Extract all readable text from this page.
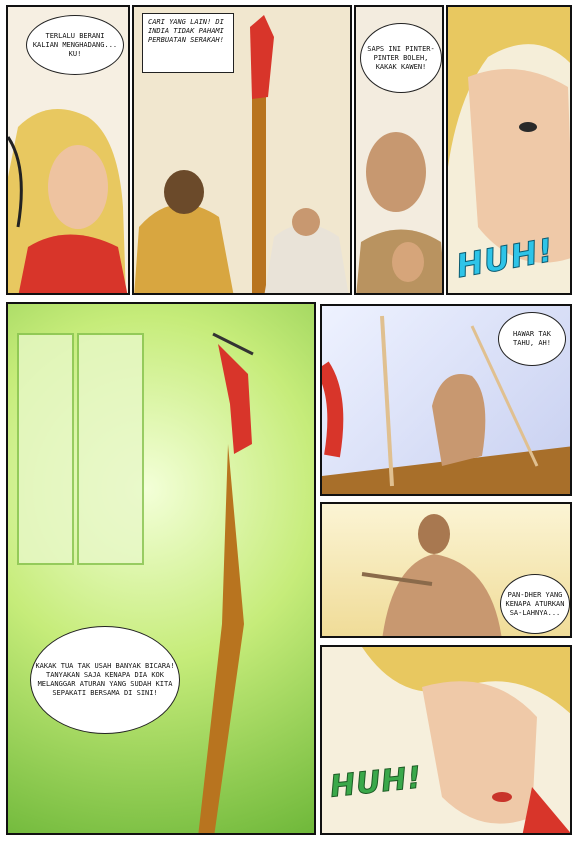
TERLALU BERANI KALIAN MENGHADANG... KU!
CARI YANG LAIN! DI INDIA TIDAK PAHAMI PERBUATAN SERAKAH!
SAPS INI PINTER-PINTER BOLEH, KAKAK KAWEN!
HUH!
KAKAK TUA TAK USAH BANYAK BICARA! TANYAKAN SAJA KENAPA DIA KOK MELANGGAR ATURAN YANG SUDAH KITA SEPAKATI BERSAMA DI SINI!
HAWAR TAK TAHU, AH!
PAN-DHER YANG KENAPA ATURKAN SA-LAHNYA...
HUH!
